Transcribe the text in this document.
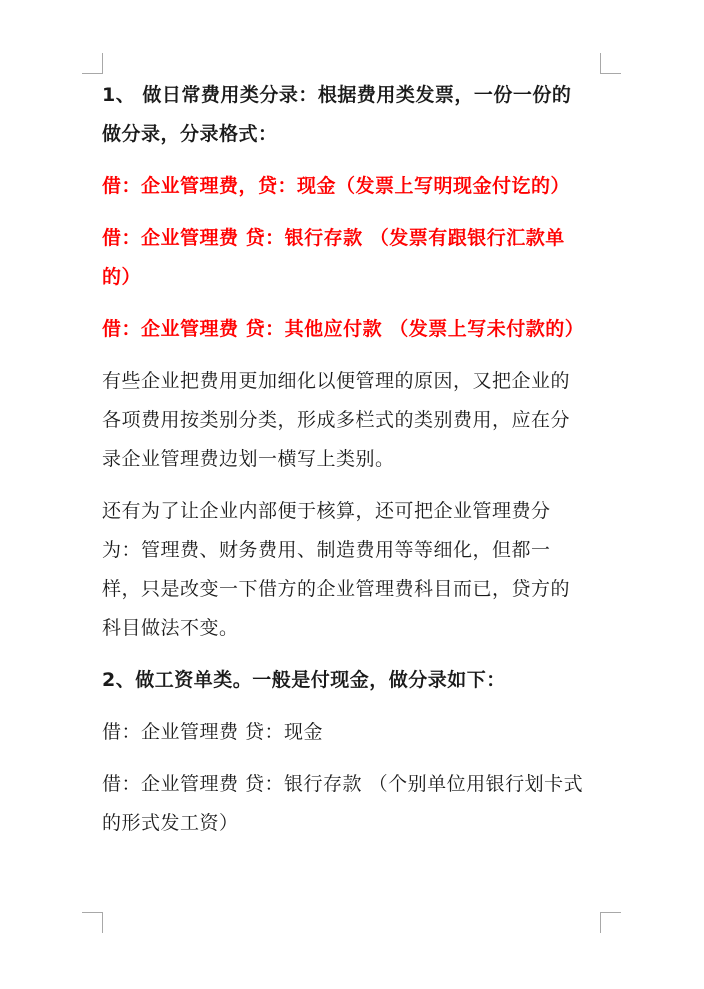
1、 做日常费用类分录：根据费用类发票，一份一份的做分录，分录格式：

借：企业管理费，贷：现金（发票上写明现金付讫的）

借：企业管理费 贷：银行存款 （发票有跟银行汇款单的）

借：企业管理费 贷：其他应付款 （发票上写未付款的）

有些企业把费用更加细化以便管理的原因，又把企业的各项费用按类别分类，形成多栏式的类别费用，应在分录企业管理费边划一横写上类别。

还有为了让企业内部便于核算，还可把企业管理费分为：管理费、财务费用、制造费用等等细化，但都一样，只是改变一下借方的企业管理费科目而已，贷方的科目做法不变。

2、做工资单类。一般是付现金，做分录如下：

借：企业管理费 贷：现金

借：企业管理费 贷：银行存款 （个别单位用银行划卡式的形式发工资）
